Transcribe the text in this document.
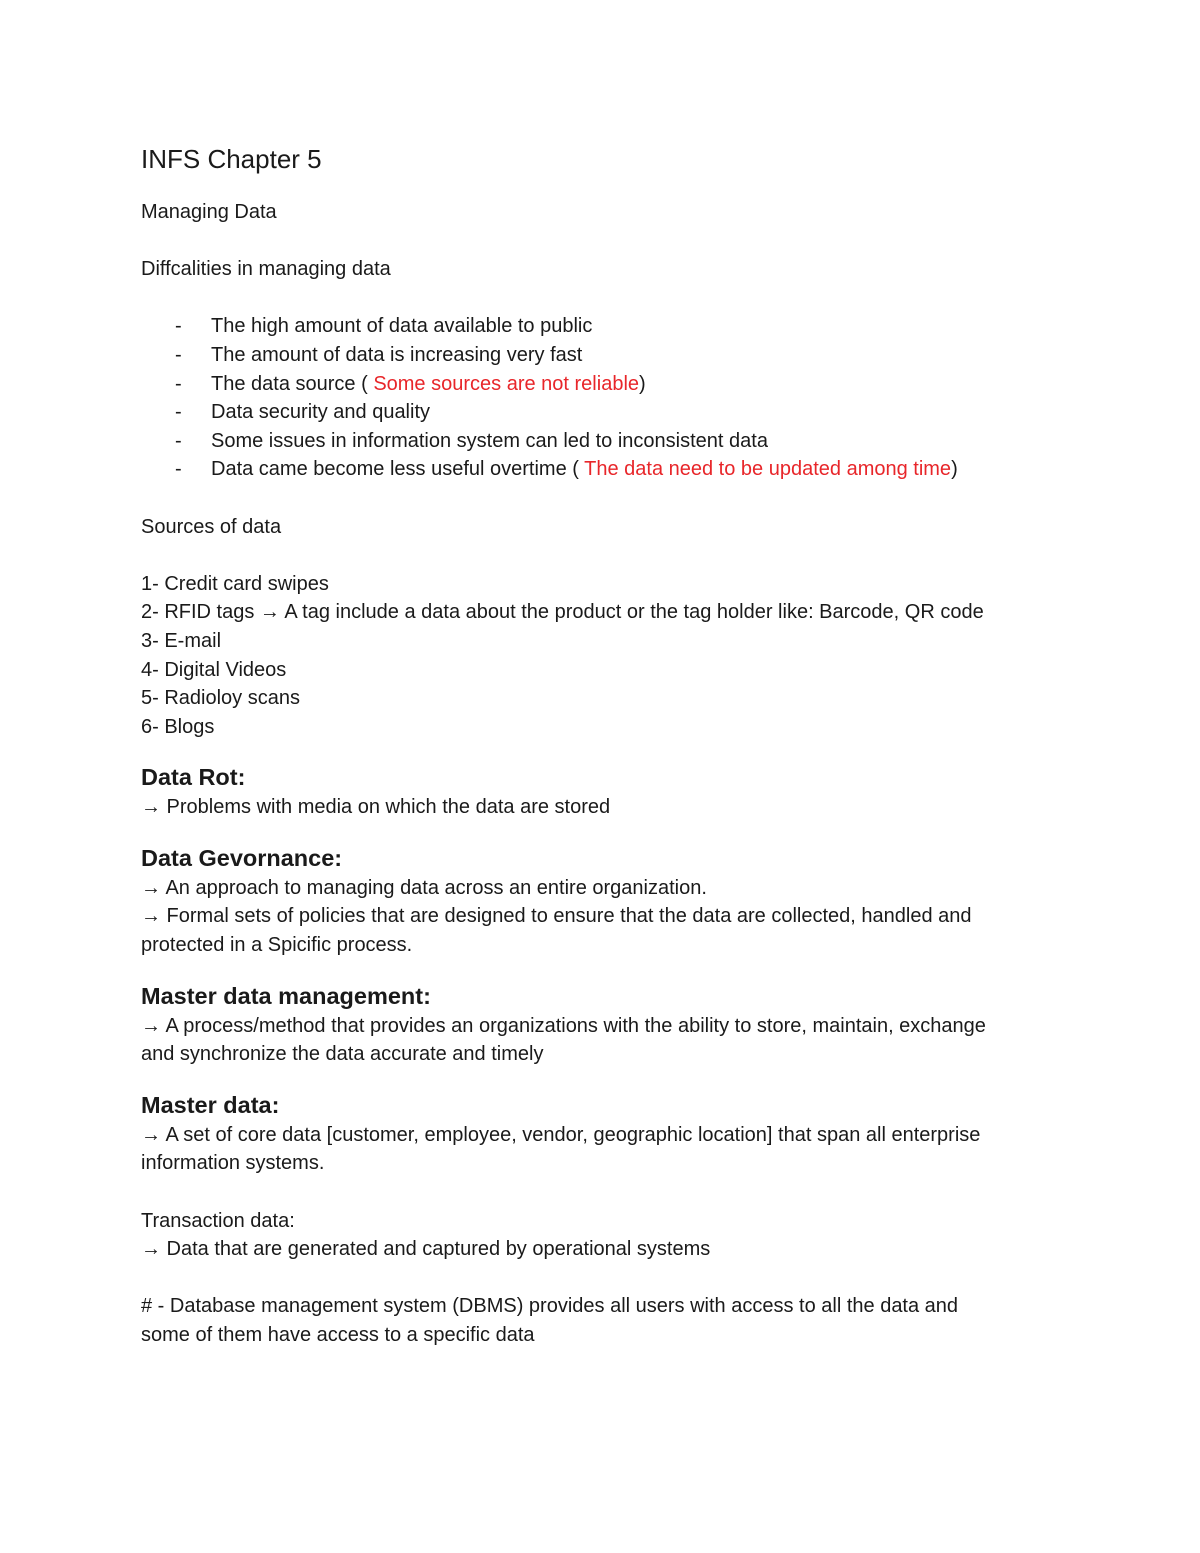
INFS Chapter 5

Managing Data

Diffcalities in managing data

- The high amount of data available to public
- The amount of data is increasing very fast
- The data source ( Some sources are not reliable)
- Data security and quality
- Some issues in information system can led to inconsistent data
- Data came become less useful overtime ( The data need to be updated among time)

Sources of data

1- Credit card swipes

2- RFID tags → A tag include a data about the product or the tag holder like: Barcode, QR code

3- E-mail

4- Digital Videos

5- Radioloy scans

6- Blogs

Data Rot:

→ Problems with media on which the data are stored

Data Gevornance:

→ An approach to managing data across an entire organization.

→ Formal sets of policies that are designed to ensure that the data are collected, handled and

protected in a Spicific process.

Master data management:

→ A process/method that provides an organizations with the ability to store, maintain, exchange

and synchronize the data accurate and timely

Master data:

→ A set of core data [customer, employee, vendor, geographic location] that span all enterprise

information systems.

Transaction data:

→ Data that are generated and captured by operational systems

# - Database management system (DBMS) provides all users with access to all the data and

some of them have access to a specific data
